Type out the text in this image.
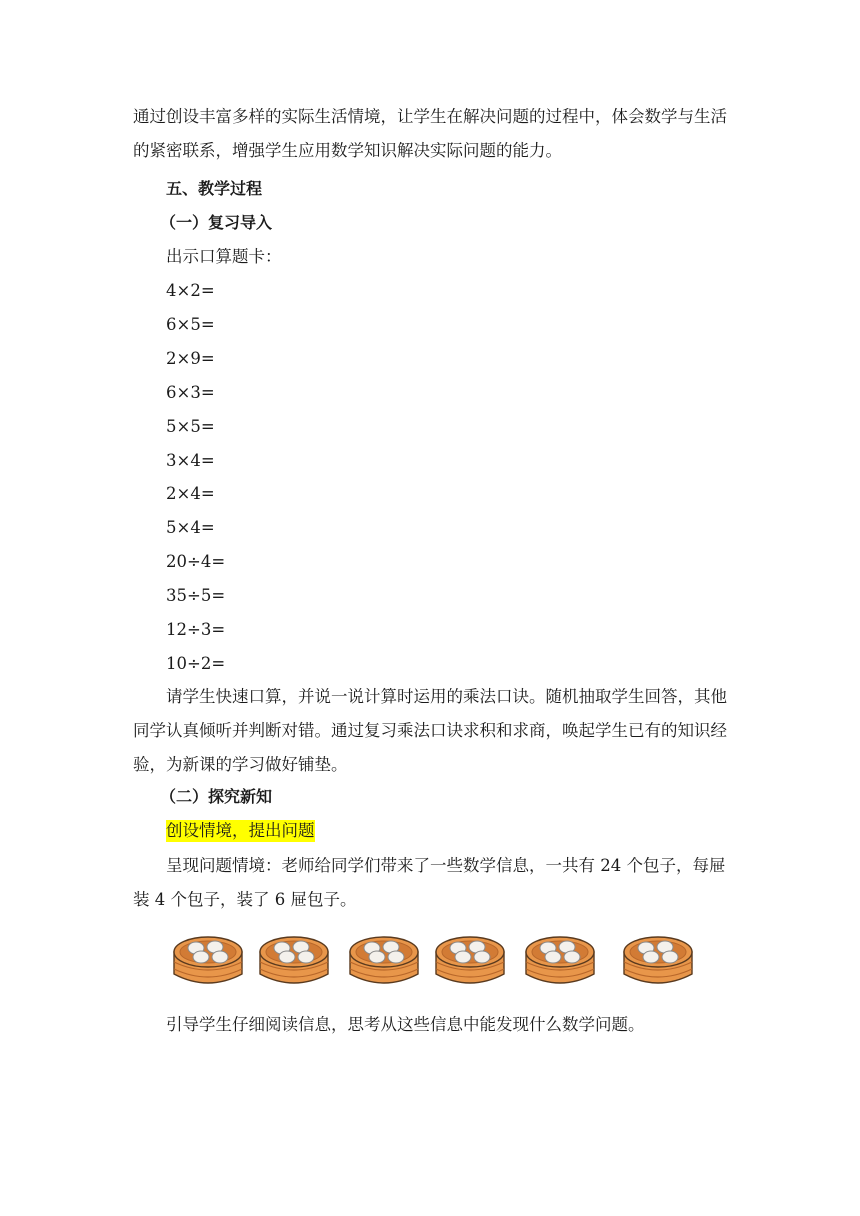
通过创设丰富多样的实际生活情境，让学生在解决问题的过程中，体会数学与生活的紧密联系，增强学生应用数学知识解决实际问题的能力。
五、教学过程
（一）复习导入
出示口算题卡：
4×2=
6×5=
2×9=
6×3=
5×5=
3×4=
2×4=
5×4=
20÷4=
35÷5=
12÷3=
10÷2=
请学生快速口算，并说一说计算时运用的乘法口诀。随机抽取学生回答，其他同学认真倾听并判断对错。通过复习乘法口诀求积和求商，唤起学生已有的知识经验，为新课的学习做好铺垫。
（二）探究新知
创设情境，提出问题
呈现问题情境：老师给同学们带来了一些数学信息，一共有 24 个包子，每屉装 4 个包子，装了 6 屉包子。
引导学生仔细阅读信息，思考从这些信息中能发现什么数学问题。
